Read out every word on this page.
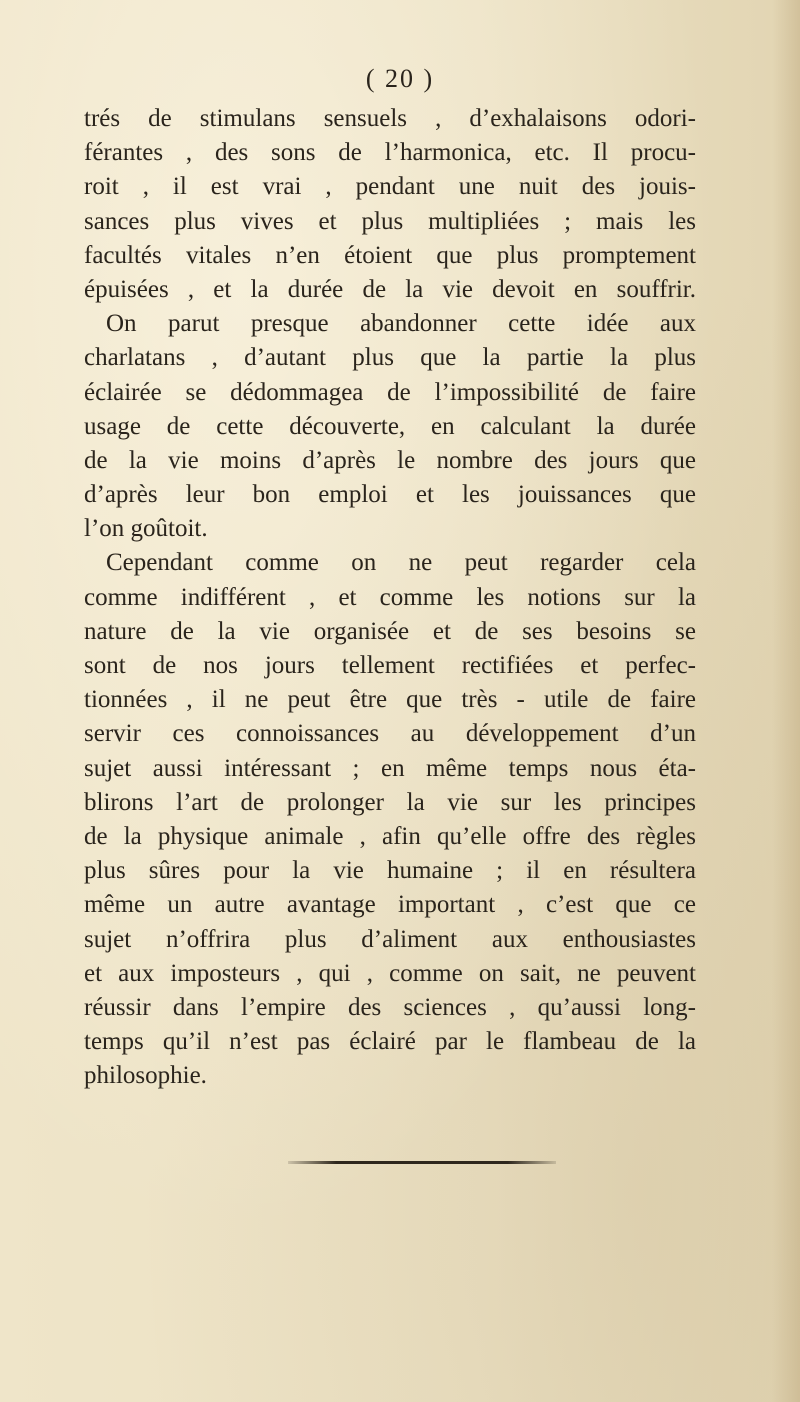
( 20 )
trés de stimulans sensuels , d’exhalaisons odori-
férantes , des sons de l’harmonica, etc. Il procu-
roit , il est vrai , pendant une nuit des jouis-
sances plus vives et plus multipliées ; mais les
facultés vitales n’en étoient que plus promptement
épuisées , et la durée de la vie devoit en souffrir.
On parut presque abandonner cette idée aux
charlatans , d’autant plus que la partie la plus
éclairée se dédommagea de l’impossibilité de faire
usage de cette découverte, en calculant la durée
de la vie moins d’après le nombre des jours que
d’après leur bon emploi et les jouissances que
l’on goûtoit.
Cependant comme on ne peut regarder cela
comme indifférent , et comme les notions sur la
nature de la vie organisée et de ses besoins se
sont de nos jours tellement rectifiées et perfec-
tionnées , il ne peut être que très - utile de faire
servir ces connoissances au développement d’un
sujet aussi intéressant ; en même temps nous éta-
blirons l’art de prolonger la vie sur les principes
de la physique animale , afin qu’elle offre des règles
plus sûres pour la vie humaine ; il en résultera
même un autre avantage important , c’est que ce
sujet n’offrira plus d’aliment aux enthousiastes
et aux imposteurs , qui , comme on sait, ne peuvent
réussir dans l’empire des sciences , qu’aussi long-
temps qu’il n’est pas éclairé par le flambeau de la
philosophie.
